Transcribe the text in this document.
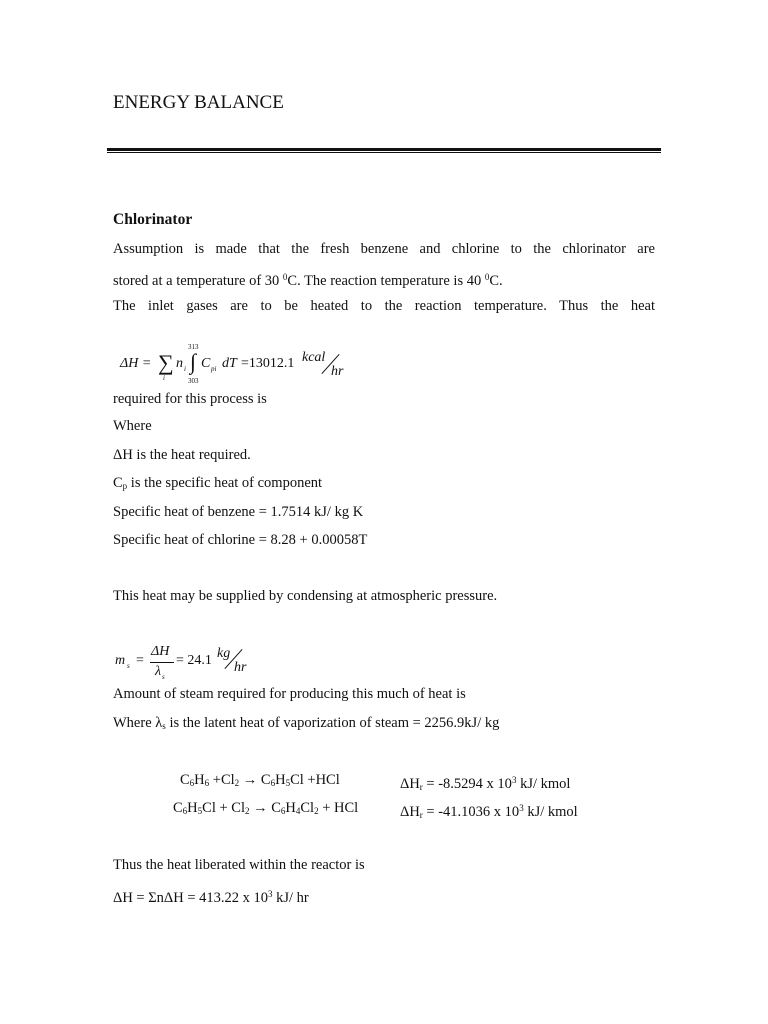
ENERGY BALANCE
Chlorinator
Assumption is made that the fresh benzene and chlorine to the chlorinator are
stored at a temperature of 30 $^0$C. The reaction temperature is 40 $^0$C.
The inlet gases are to be heated to the reaction temperature. Thus the heat
ΔH = ∑
i
n i
313
303
∫ C pi dT =13012.1 kcal
hr
required for this process is
Where
ΔH is the heat required.
$C_p$ is the specific heat of component
Specific heat of benzene = 1.7514 kJ/ kg K
Specific heat of chlorine = 8.28 + 0.00058T
This heat may be supplied by condensing at atmospheric pressure.
m s =
ΔH
λ s
= 24.1 kg
hr
Amount of steam required for producing this much of heat is
Where $\lambda_s$ is the latent heat of vaporization of steam = 2256.9kJ/ kg
$C_6H_6 +Cl_2 \to C_6H_5Cl +HCl$	$\Delta H_r = -8.5294$ x $10^3$ kJ/ kmol
$C_6H_5Cl + Cl_2 \to C_6H_4Cl_2$ + HCl	$\Delta H_r = -41.1036$ x $10^3$ kJ/ kmol
Thus the heat liberated within the reactor is
ΔH = ΣnΔH = 413.22 x $10^3$ kJ/ hr
